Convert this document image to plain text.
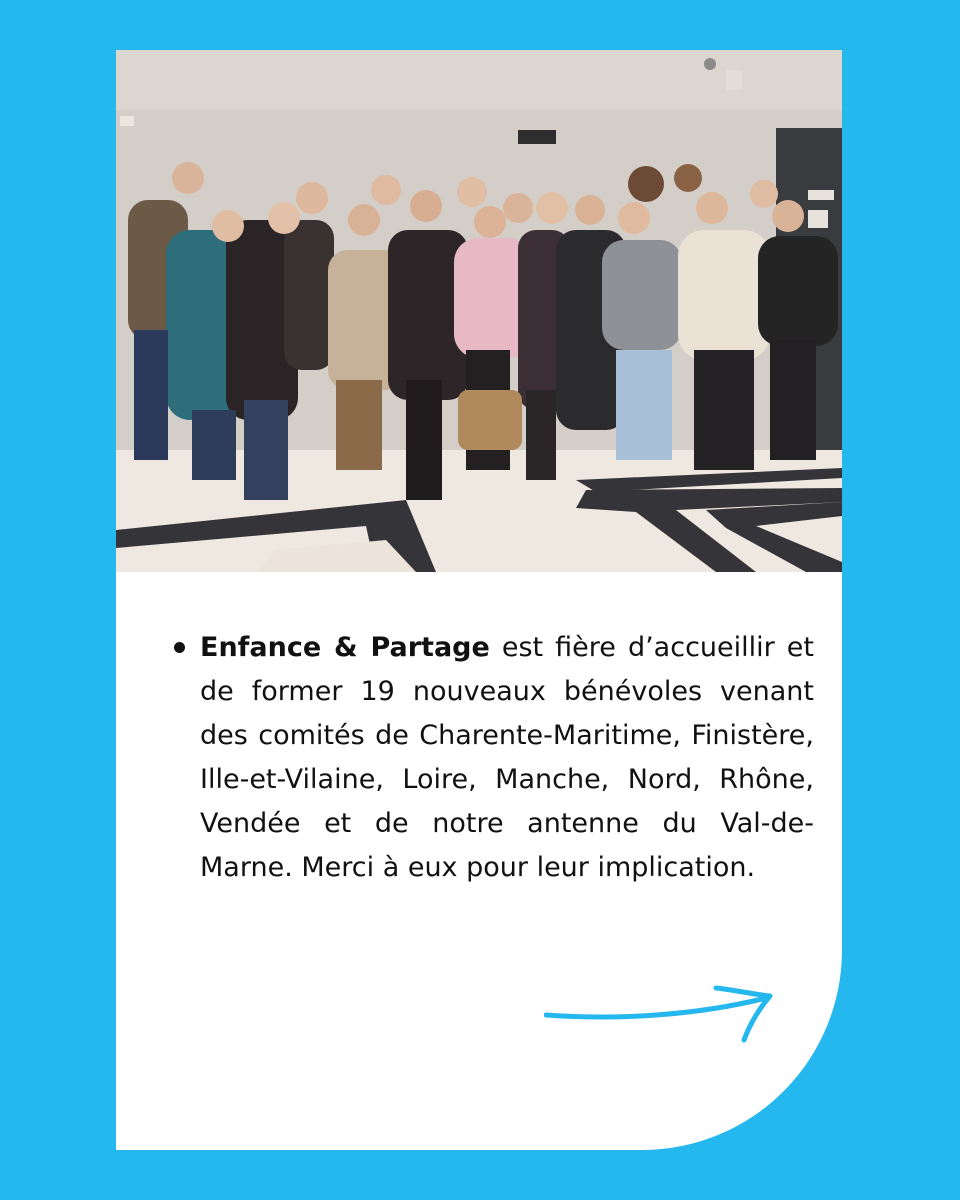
Enfance & Partage est fière d’accueillir et de former 19 nouveaux bénévoles venant des comités de Charente-Maritime, Finistère, Ille-et-Vilaine, Loire, Manche, Nord, Rhône, Vendée et de notre antenne du Val-de-Marne. Merci à eux pour leur implication.
